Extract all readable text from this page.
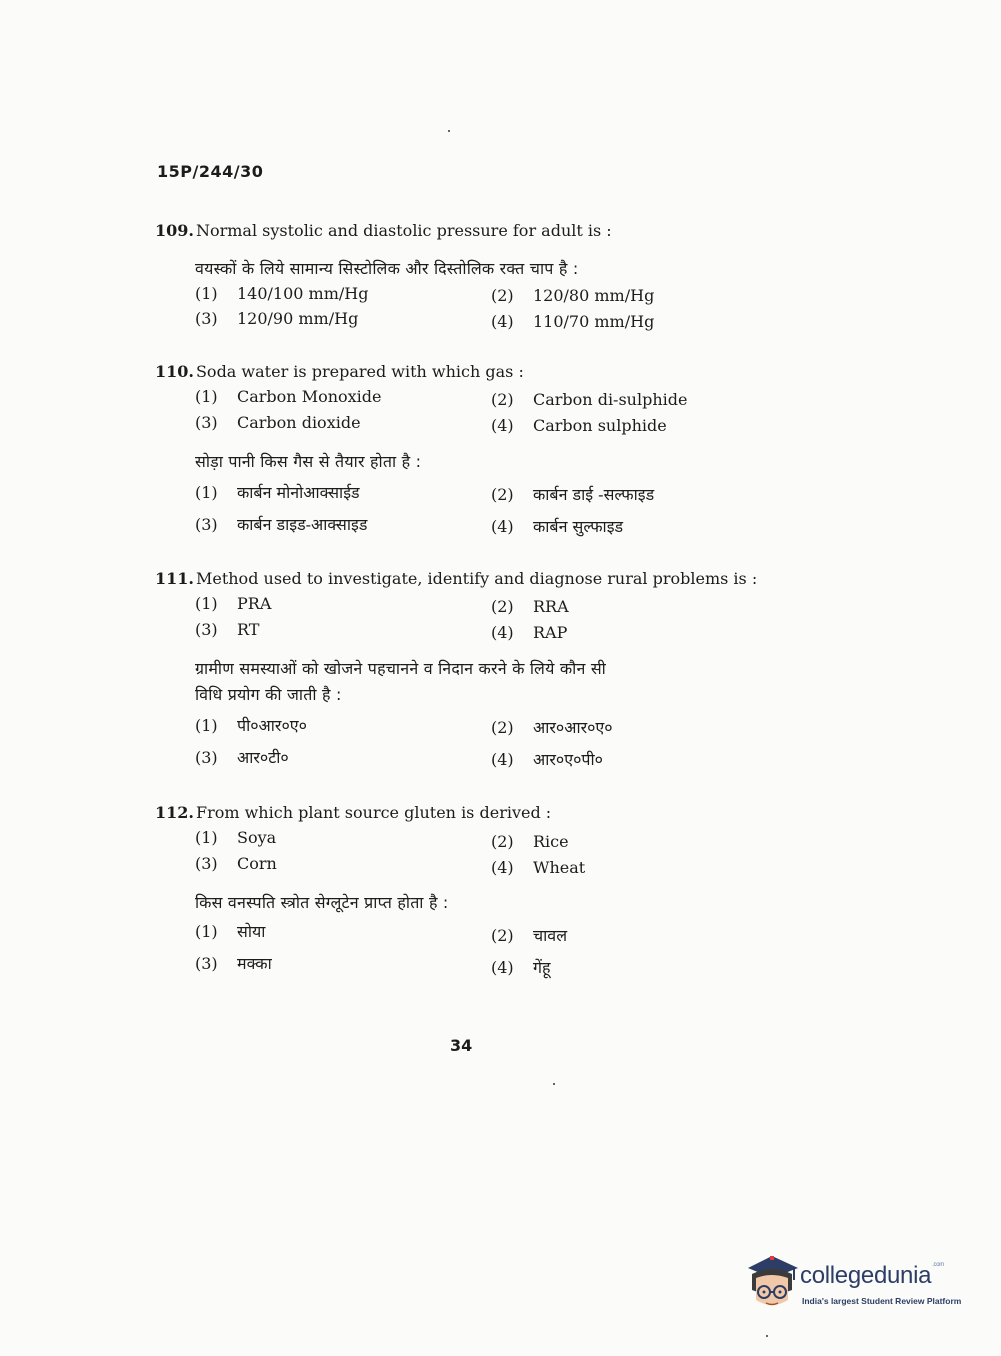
15P/244/30
109. Normal systolic and diastolic pressure for adult is :
वयस्कों के लिये सामान्य सिस्टोलिक और दिस्तोलिक रक्त चाप है :
(1) 140/100 mm/Hg	(2) 120/80 mm/Hg
(3) 120/90 mm/Hg	(4) 110/70 mm/Hg
110. Soda water is prepared with which gas :
(1) Carbon Monoxide	(2) Carbon di-sulphide
(3) Carbon dioxide	(4) Carbon sulphide
सोड़ा पानी किस गैस से तैयार होता है :
(1) कार्बन मोनोआक्साईड	(2) कार्बन डाई -सल्फाइड
(3) कार्बन डाइड-आक्साइड	(4) कार्बन सुल्फाइड
111. Method used to investigate, identify and diagnose rural problems is :
(1) PRA	(2) RRA
(3) RT	(4) RAP
ग्रामीण समस्याओं को खोजने पहचानने व निदान करने के लिये कौन सी
विधि प्रयोग की जाती है :
(1) पी०आर०ए०	(2) आर०आर०ए०
(3) आर०टी०	(4) आर०ए०पी०
112. From which plant source gluten is derived :
(1) Soya	(2) Rice
(3) Corn	(4) Wheat
किस वनस्पति स्त्रोत सेग्लूटेन प्राप्त होता है :
(1) सोया	(2) चावल
(3) मक्का	(4) गेंहू
34
collegedunia$^{.com}$
India's largest Student Review Platform
